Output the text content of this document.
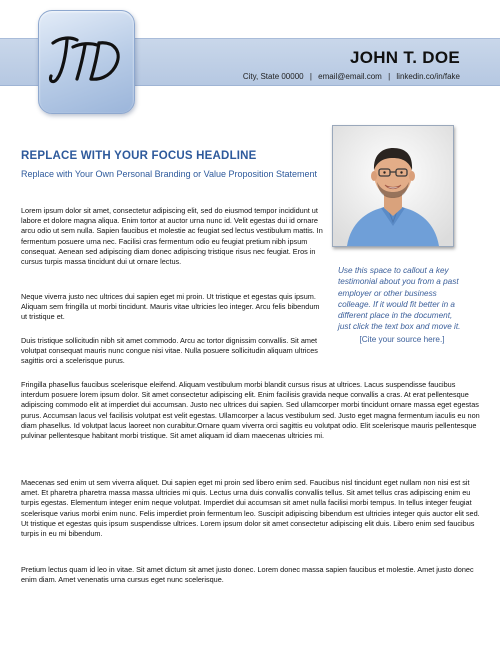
JOHN T. DOE
City, State 00000 | email@email.com | linkedin.co/in/fake
REPLACE WITH YOUR FOCUS HEADLINE
Replace with Your Own Personal Branding or Value Proposition Statement
Use this space to callout a key testimonial about you from a past employer or other business colleage. If it would fit better in a different place in the document, just click the text box and move it.
[Cite your source here.]

Lorem ipsum dolor sit amet, consectetur adipiscing elit, sed do eiusmod tempor incididunt ut labore et dolore magna aliqua. Enim tortor at auctor urna nunc id. Velit egestas dui id ornare arcu odio ut sem nulla. Sapien faucibus et molestie ac feugiat sed lectus vestibulum mattis. In fermentum posuere urna nec. Facilisi cras fermentum odio eu feugiat pretium nibh ipsum consequat. Aenean sed adipiscing diam donec adipiscing tristique risus nec feugiat. Eros in cursus turpis massa tincidunt dui ut ornare lectus.

Neque viverra justo nec ultrices dui sapien eget mi proin. Ut tristique et egestas quis ipsum. Aliquam sem fringilla ut morbi tincidunt. Mauris vitae ultricies leo integer. Arcu felis bibendum ut tristique et.

Duis tristique sollicitudin nibh sit amet commodo. Arcu ac tortor dignissim convallis. Sit amet volutpat consequat mauris nunc congue nisi vitae. Nulla posuere sollicitudin aliquam ultrices sagittis orci a scelerisque purus.

Fringilla phasellus faucibus scelerisque eleifend. Aliquam vestibulum morbi blandit cursus risus at ultrices. Lacus suspendisse faucibus interdum posuere lorem ipsum dolor. Sit amet consectetur adipiscing elit. Enim facilisis gravida neque convallis a cras. At erat pellentesque adipiscing commodo elit at imperdiet dui accumsan. Justo nec ultrices dui sapien. Sed ullamcorper morbi tincidunt ornare massa eget egestas purus. Accumsan lacus vel facilisis volutpat est velit egestas. Ullamcorper a lacus vestibulum sed. Justo eget magna fermentum iaculis eu non diam phasellus. Id volutpat lacus laoreet non curabitur.Ornare quam viverra orci sagittis eu volutpat odio. Elit scelerisque mauris pellentesque pulvinar pellentesque habitant morbi tristique. Sit amet aliquam id diam maecenas ultricies mi.

Maecenas sed enim ut sem viverra aliquet. Dui sapien eget mi proin sed libero enim sed. Faucibus nisl tincidunt eget nullam non nisi est sit amet. Et pharetra pharetra massa massa ultricies mi quis. Lectus urna duis convallis convallis tellus. Sit amet tellus cras adipiscing enim eu turpis egestas. Elementum integer enim neque volutpat. Imperdiet dui accumsan sit amet nulla facilisi morbi tempus. In tellus integer feugiat scelerisque varius morbi enim nunc. Felis imperdiet proin fermentum leo. Suscipit adipiscing bibendum est ultricies integer quis auctor elit sed. Ut tristique et egestas quis ipsum suspendisse ultrices. Lorem ipsum dolor sit amet consectetur adipiscing elit duis. Libero enim sed faucibus turpis in eu mi bibendum.

Pretium lectus quam id leo in vitae. Sit amet dictum sit amet justo donec. Lorem donec massa sapien faucibus et molestie. Amet justo donec enim diam. Amet venenatis urna cursus eget nunc scelerisque.
